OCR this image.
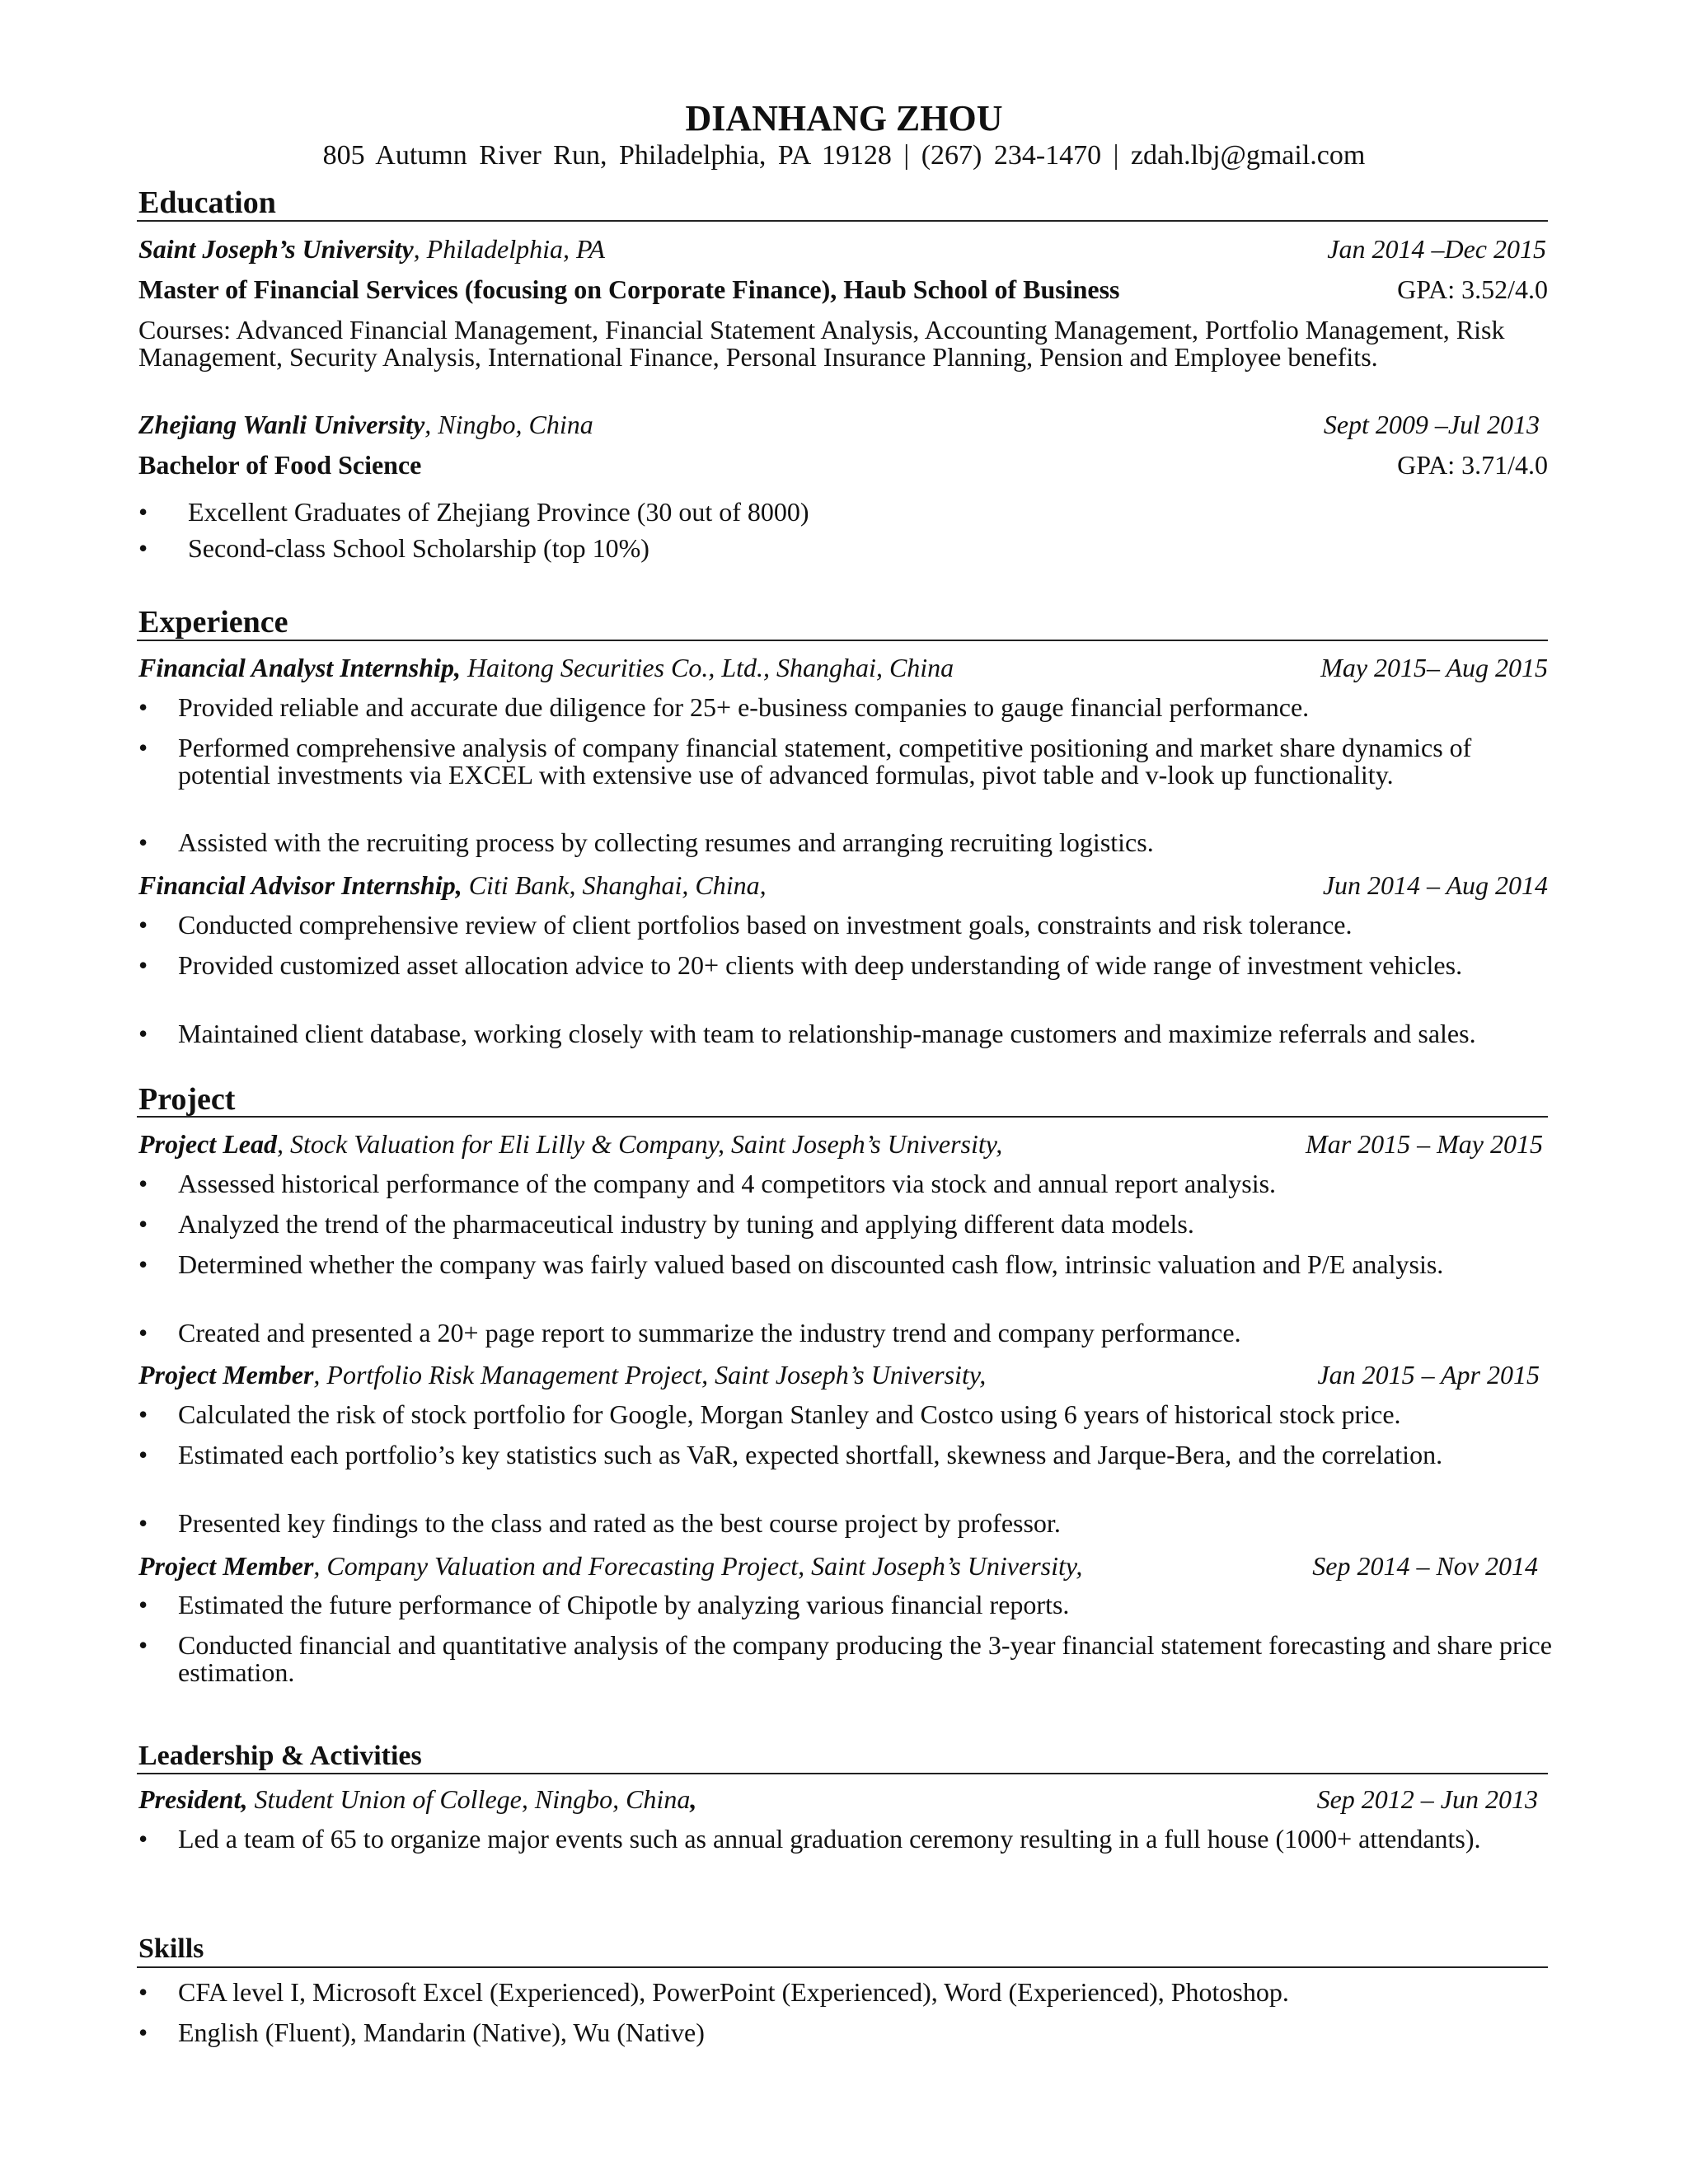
DIANHANG ZHOU
805 Autumn River Run, Philadelphia, PA 19128 | (267) 234-1470 | zdah.lbj@gmail.com
Education
Saint Joseph’s University, Philadelphia, PA	Jan 2014 –Dec 2015
Master of Financial Services (focusing on Corporate Finance), Haub School of Business	GPA: 3.52/4.0
Courses: Advanced Financial Management, Financial Statement Analysis, Accounting Management, Portfolio Management, Risk Management, Security Analysis, International Finance, Personal Insurance Planning, Pension and Employee benefits.
Zhejiang Wanli University, Ningbo, China	Sept 2009 –Jul 2013
Bachelor of Food Science	GPA: 3.71/4.0
• Excellent Graduates of Zhejiang Province (30 out of 8000)
• Second-class School Scholarship (top 10%)
Experience
Financial Analyst Internship, Haitong Securities Co., Ltd., Shanghai, China	May 2015– Aug 2015
• Provided reliable and accurate due diligence for 25+ e-business companies to gauge financial performance.
• Performed comprehensive analysis of company financial statement, competitive positioning and market share dynamics of potential investments via EXCEL with extensive use of advanced formulas, pivot table and v-look up functionality.
• Assisted with the recruiting process by collecting resumes and arranging recruiting logistics.
Financial Advisor Internship, Citi Bank, Shanghai, China,	Jun 2014 – Aug 2014
• Conducted comprehensive review of client portfolios based on investment goals, constraints and risk tolerance.
• Provided customized asset allocation advice to 20+ clients with deep understanding of wide range of investment vehicles.
• Maintained client database, working closely with team to relationship-manage customers and maximize referrals and sales.
Project
Project Lead, Stock Valuation for Eli Lilly & Company, Saint Joseph’s University,	Mar 2015 – May 2015
• Assessed historical performance of the company and 4 competitors via stock and annual report analysis.
• Analyzed the trend of the pharmaceutical industry by tuning and applying different data models.
• Determined whether the company was fairly valued based on discounted cash flow, intrinsic valuation and P/E analysis.
• Created and presented a 20+ page report to summarize the industry trend and company performance.
Project Member, Portfolio Risk Management Project, Saint Joseph’s University,	Jan 2015 – Apr 2015
• Calculated the risk of stock portfolio for Google, Morgan Stanley and Costco using 6 years of historical stock price.
• Estimated each portfolio’s key statistics such as VaR, expected shortfall, skewness and Jarque-Bera, and the correlation.
• Presented key findings to the class and rated as the best course project by professor.
Project Member, Company Valuation and Forecasting Project, Saint Joseph’s University,	Sep 2014 – Nov 2014
• Estimated the future performance of Chipotle by analyzing various financial reports.
• Conducted financial and quantitative analysis of the company producing the 3-year financial statement forecasting and share price estimation.
Leadership & Activities
President, Student Union of College, Ningbo, China,	Sep 2012 – Jun 2013
• Led a team of 65 to organize major events such as annual graduation ceremony resulting in a full house (1000+ attendants).
Skills
• CFA level I, Microsoft Excel (Experienced), PowerPoint (Experienced), Word (Experienced), Photoshop.
• English (Fluent), Mandarin (Native), Wu (Native)
